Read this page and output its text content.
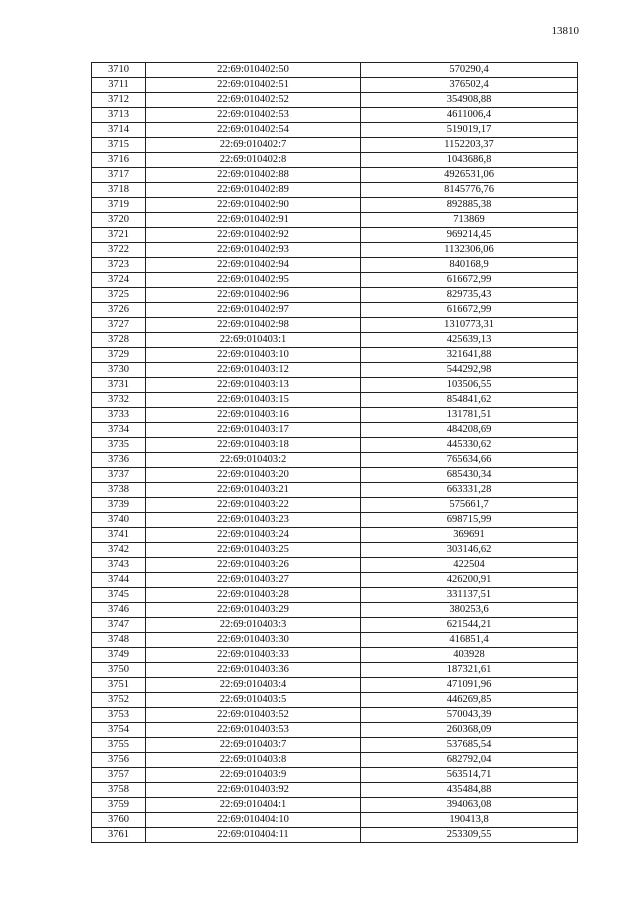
13810
3710	22:69:010402:50	570290,4
3711	22:69:010402:51	376502,4
3712	22:69:010402:52	354908,88
3713	22:69:010402:53	4611006,4
3714	22:69:010402:54	519019,17
3715	22:69:010402:7	1152203,37
3716	22:69:010402:8	1043686,8
3717	22:69:010402:88	4926531,06
3718	22:69:010402:89	8145776,76
3719	22:69:010402:90	892885,38
3720	22:69:010402:91	713869
3721	22:69:010402:92	969214,45
3722	22:69:010402:93	1132306,06
3723	22:69:010402:94	840168,9
3724	22:69:010402:95	616672,99
3725	22:69:010402:96	829735,43
3726	22:69:010402:97	616672,99
3727	22:69:010402:98	1310773,31
3728	22:69:010403:1	425639,13
3729	22:69:010403:10	321641,88
3730	22:69:010403:12	544292,98
3731	22:69:010403:13	103506,55
3732	22:69:010403:15	854841,62
3733	22:69:010403:16	131781,51
3734	22:69:010403:17	484208,69
3735	22:69:010403:18	445330,62
3736	22:69:010403:2	765634,66
3737	22:69:010403:20	685430,34
3738	22:69:010403:21	663331,28
3739	22:69:010403:22	575661,7
3740	22:69:010403:23	698715,99
3741	22:69:010403:24	369691
3742	22:69:010403:25	303146,62
3743	22:69:010403:26	422504
3744	22:69:010403:27	426200,91
3745	22:69:010403:28	331137,51
3746	22:69:010403:29	380253,6
3747	22:69:010403:3	621544,21
3748	22:69:010403:30	416851,4
3749	22:69:010403:33	403928
3750	22:69:010403:36	187321,61
3751	22:69:010403:4	471091,96
3752	22:69:010403:5	446269,85
3753	22:69:010403:52	570043,39
3754	22:69:010403:53	260368,09
3755	22:69:010403:7	537685,54
3756	22:69:010403:8	682792,04
3757	22:69:010403:9	563514,71
3758	22:69:010403:92	435484,88
3759	22:69:010404:1	394063,08
3760	22:69:010404:10	190413,8
3761	22:69:010404:11	253309,55
